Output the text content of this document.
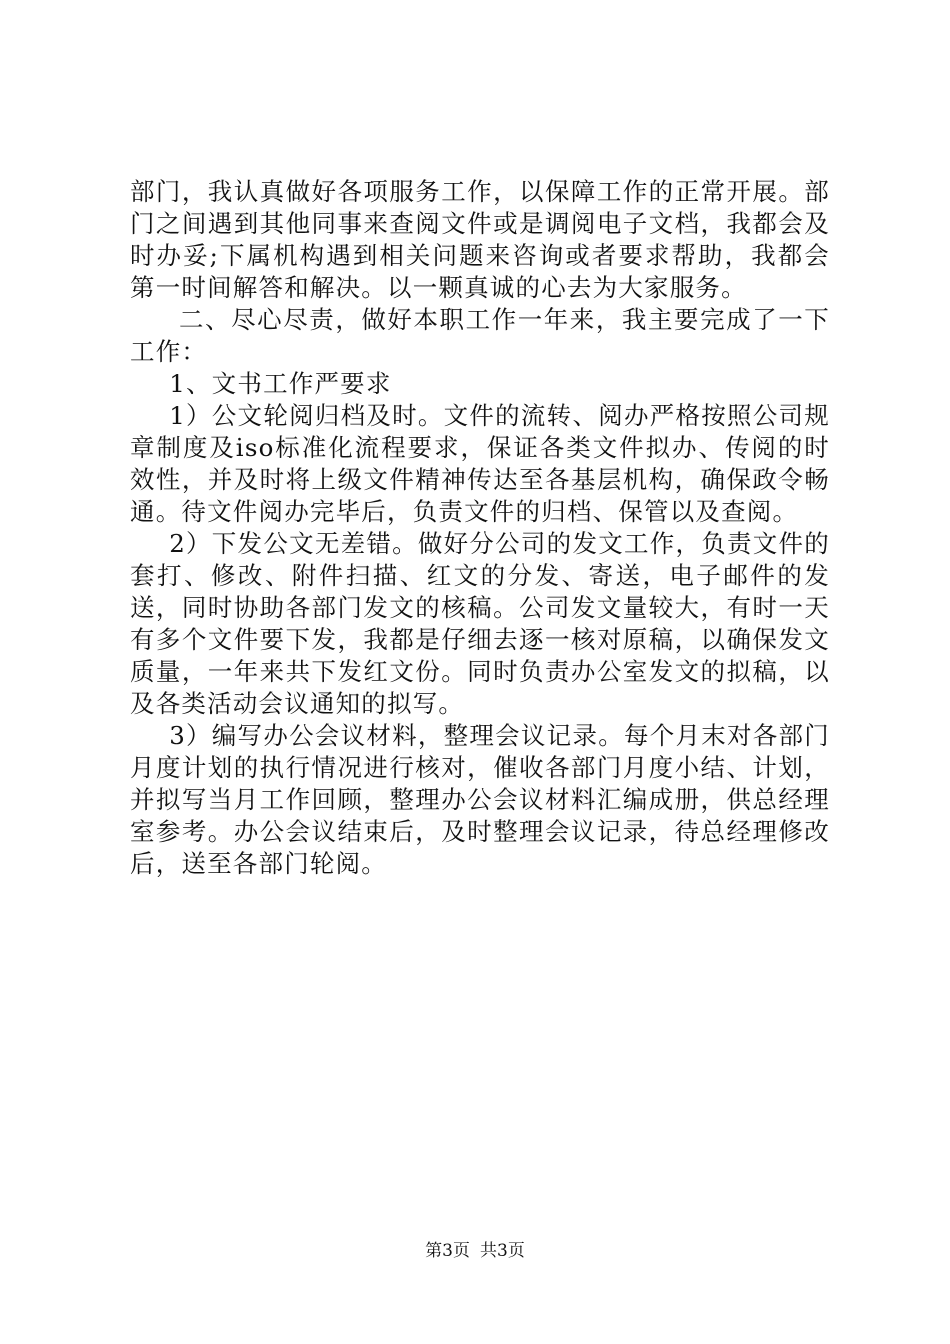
部门，我认真做好各项服务工作，以保障工作的正常开展。部门之间遇到其他同事来查阅文件或是调阅电子文档，我都会及时办妥;下属机构遇到相关问题来咨询或者要求帮助，我都会第一时间解答和解决。以一颗真诚的心去为大家服务。

二、尽心尽责，做好本职工作一年来，我主要完成了一下工作：

1、文书工作严要求

1）公文轮阅归档及时。文件的流转、阅办严格按照公司规章制度及iso标准化流程要求，保证各类文件拟办、传阅的时效性，并及时将上级文件精神传达至各基层机构，确保政令畅通。待文件阅办完毕后，负责文件的归档、保管以及查阅。

2）下发公文无差错。做好分公司的发文工作，负责文件的套打、修改、附件扫描、红文的分发、寄送，电子邮件的发送，同时协助各部门发文的核稿。公司发文量较大，有时一天有多个文件要下发，我都是仔细去逐一核对原稿，以确保发文质量，一年来共下发红文份。同时负责办公室发文的拟稿，以及各类活动会议通知的拟写。

3）编写办公会议材料，整理会议记录。每个月末对各部门月度计划的执行情况进行核对，催收各部门月度小结、计划，并拟写当月工作回顾，整理办公会议材料汇编成册，供总经理室参考。办公会议结束后，及时整理会议记录，待总经理修改后，送至各部门轮阅。

第3页 共3页
